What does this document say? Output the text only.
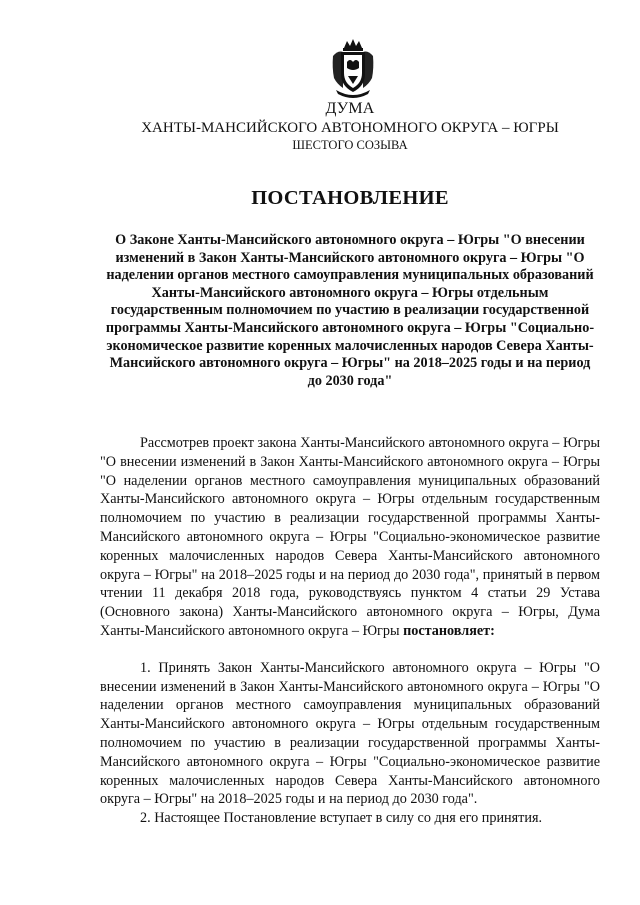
ДУМА
ХАНТЫ-МАНСИЙСКОГО АВТОНОМНОГО ОКРУГА – ЮГРЫ
ШЕСТОГО СОЗЫВА
ПОСТАНОВЛЕНИЕ
О Законе Ханты-Мансийского автономного округа – Югры "О внесении изменений в Закон Ханты-Мансийского автономного округа – Югры "О наделении органов местного самоуправления муниципальных образований Ханты-Мансийского автономного округа – Югры отдельным государственным полномочием по участию в реализации государственной программы Ханты-Мансийского автономного округа – Югры "Социально-экономическое развитие коренных малочисленных народов Севера Ханты-Мансийского автономного округа – Югры" на 2018–2025 годы и на период до 2030 года"

Рассмотрев проект закона Ханты-Мансийского автономного округа – Югры "О внесении изменений в Закон Ханты-Мансийского автономного округа – Югры "О наделении органов местного самоуправления муниципальных образований Ханты-Мансийского автономного округа – Югры отдельным государственным полномочием по участию в реализации государственной программы Ханты-Мансийского автономного округа – Югры "Социально-экономическое развитие коренных малочисленных народов Севера Ханты-Мансийского автономного округа – Югры" на 2018–2025 годы и на период до 2030 года", принятый в первом чтении 11 декабря 2018 года, руководствуясь пунктом 4 статьи 29 Устава (Основного закона) Ханты-Мансийского автономного округа – Югры, Дума Ханты-Мансийского автономного округа – Югры постановляет:

1. Принять Закон Ханты-Мансийского автономного округа – Югры "О внесении изменений в Закон Ханты-Мансийского автономного округа – Югры "О наделении органов местного самоуправления муниципальных образований Ханты-Мансийского автономного округа – Югры отдельным государственным полномочием по участию в реализации государственной программы Ханты-Мансийского автономного округа – Югры "Социально-экономическое развитие коренных малочисленных народов Севера Ханты-Мансийского автономного округа – Югры" на 2018–2025 годы и на период до 2030 года".

2. Настоящее Постановление вступает в силу со дня его принятия.
